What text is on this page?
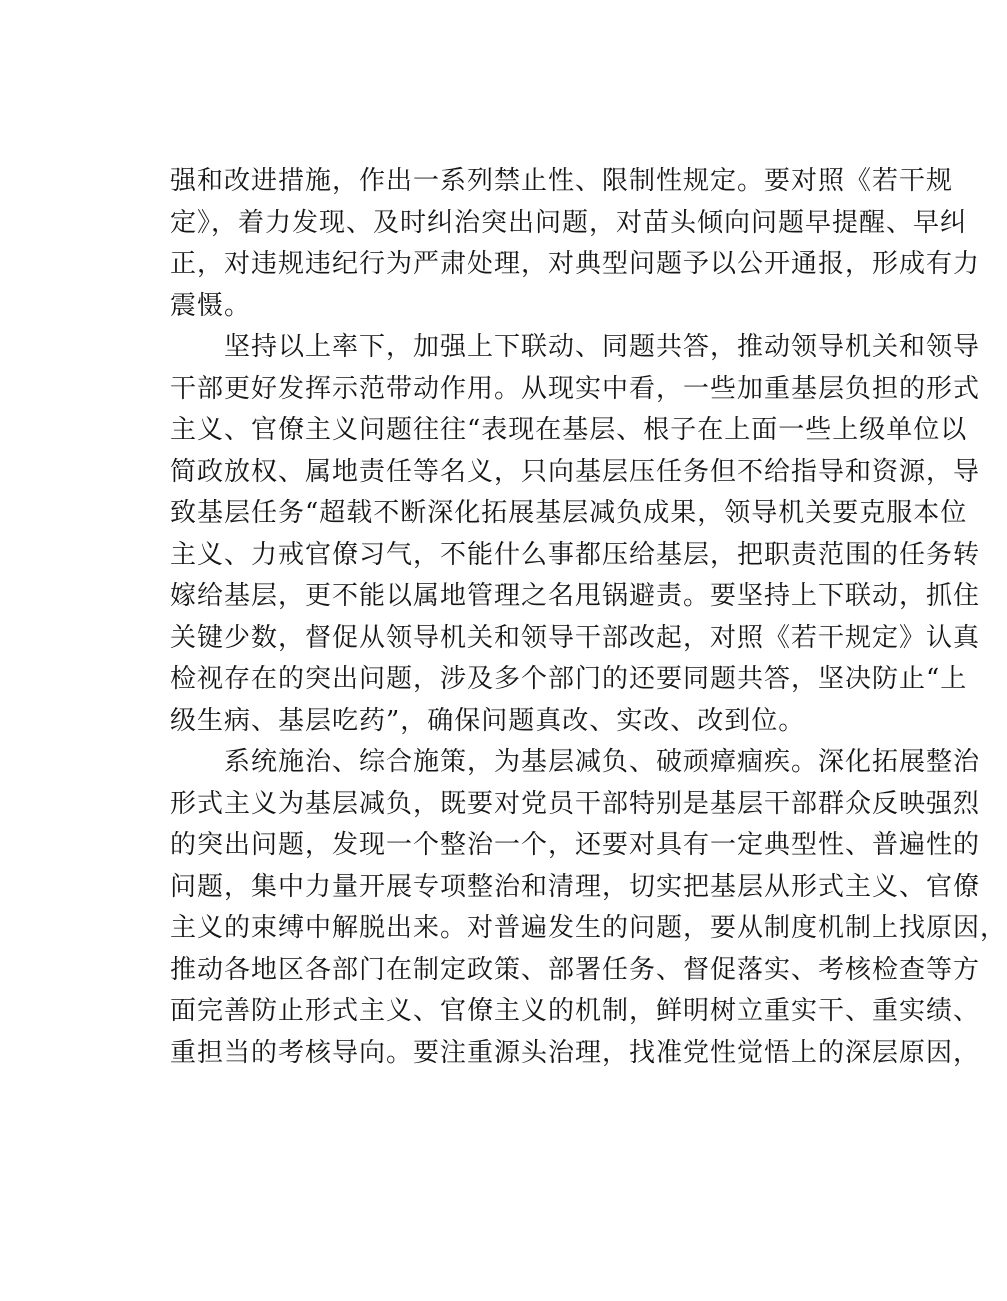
强和改进措施，作出一系列禁止性、限制性规定。要对照《若干规
定》，着力发现、及时纠治突出问题，对苗头倾向问题早提醒、早纠
正，对违规违纪行为严肃处理，对典型问题予以公开通报，形成有力
震慑。
　　坚持以上率下，加强上下联动、同题共答，推动领导机关和领导
干部更好发挥示范带动作用。从现实中看，一些加重基层负担的形式
主义、官僚主义问题往往“表现在基层、根子在上面一些上级单位以
简政放权、属地责任等名义，只向基层压任务但不给指导和资源，导
致基层任务“超载不断深化拓展基层减负成果，领导机关要克服本位
主义、力戒官僚习气，不能什么事都压给基层，把职责范围的任务转
嫁给基层，更不能以属地管理之名甩锅避责。要坚持上下联动，抓住
关键少数，督促从领导机关和领导干部改起，对照《若干规定》认真
检视存在的突出问题，涉及多个部门的还要同题共答，坚决防止“上
级生病、基层吃药”，确保问题真改、实改、改到位。
　　系统施治、综合施策，为基层减负、破顽瘴痼疾。深化拓展整治
形式主义为基层减负，既要对党员干部特别是基层干部群众反映强烈
的突出问题，发现一个整治一个，还要对具有一定典型性、普遍性的
问题，集中力量开展专项整治和清理，切实把基层从形式主义、官僚
主义的束缚中解脱出来。对普遍发生的问题，要从制度机制上找原因，
推动各地区各部门在制定政策、部署任务、督促落实、考核检查等方
面完善防止形式主义、官僚主义的机制，鲜明树立重实干、重实绩、
重担当的考核导向。要注重源头治理，找准党性觉悟上的深层原因，
